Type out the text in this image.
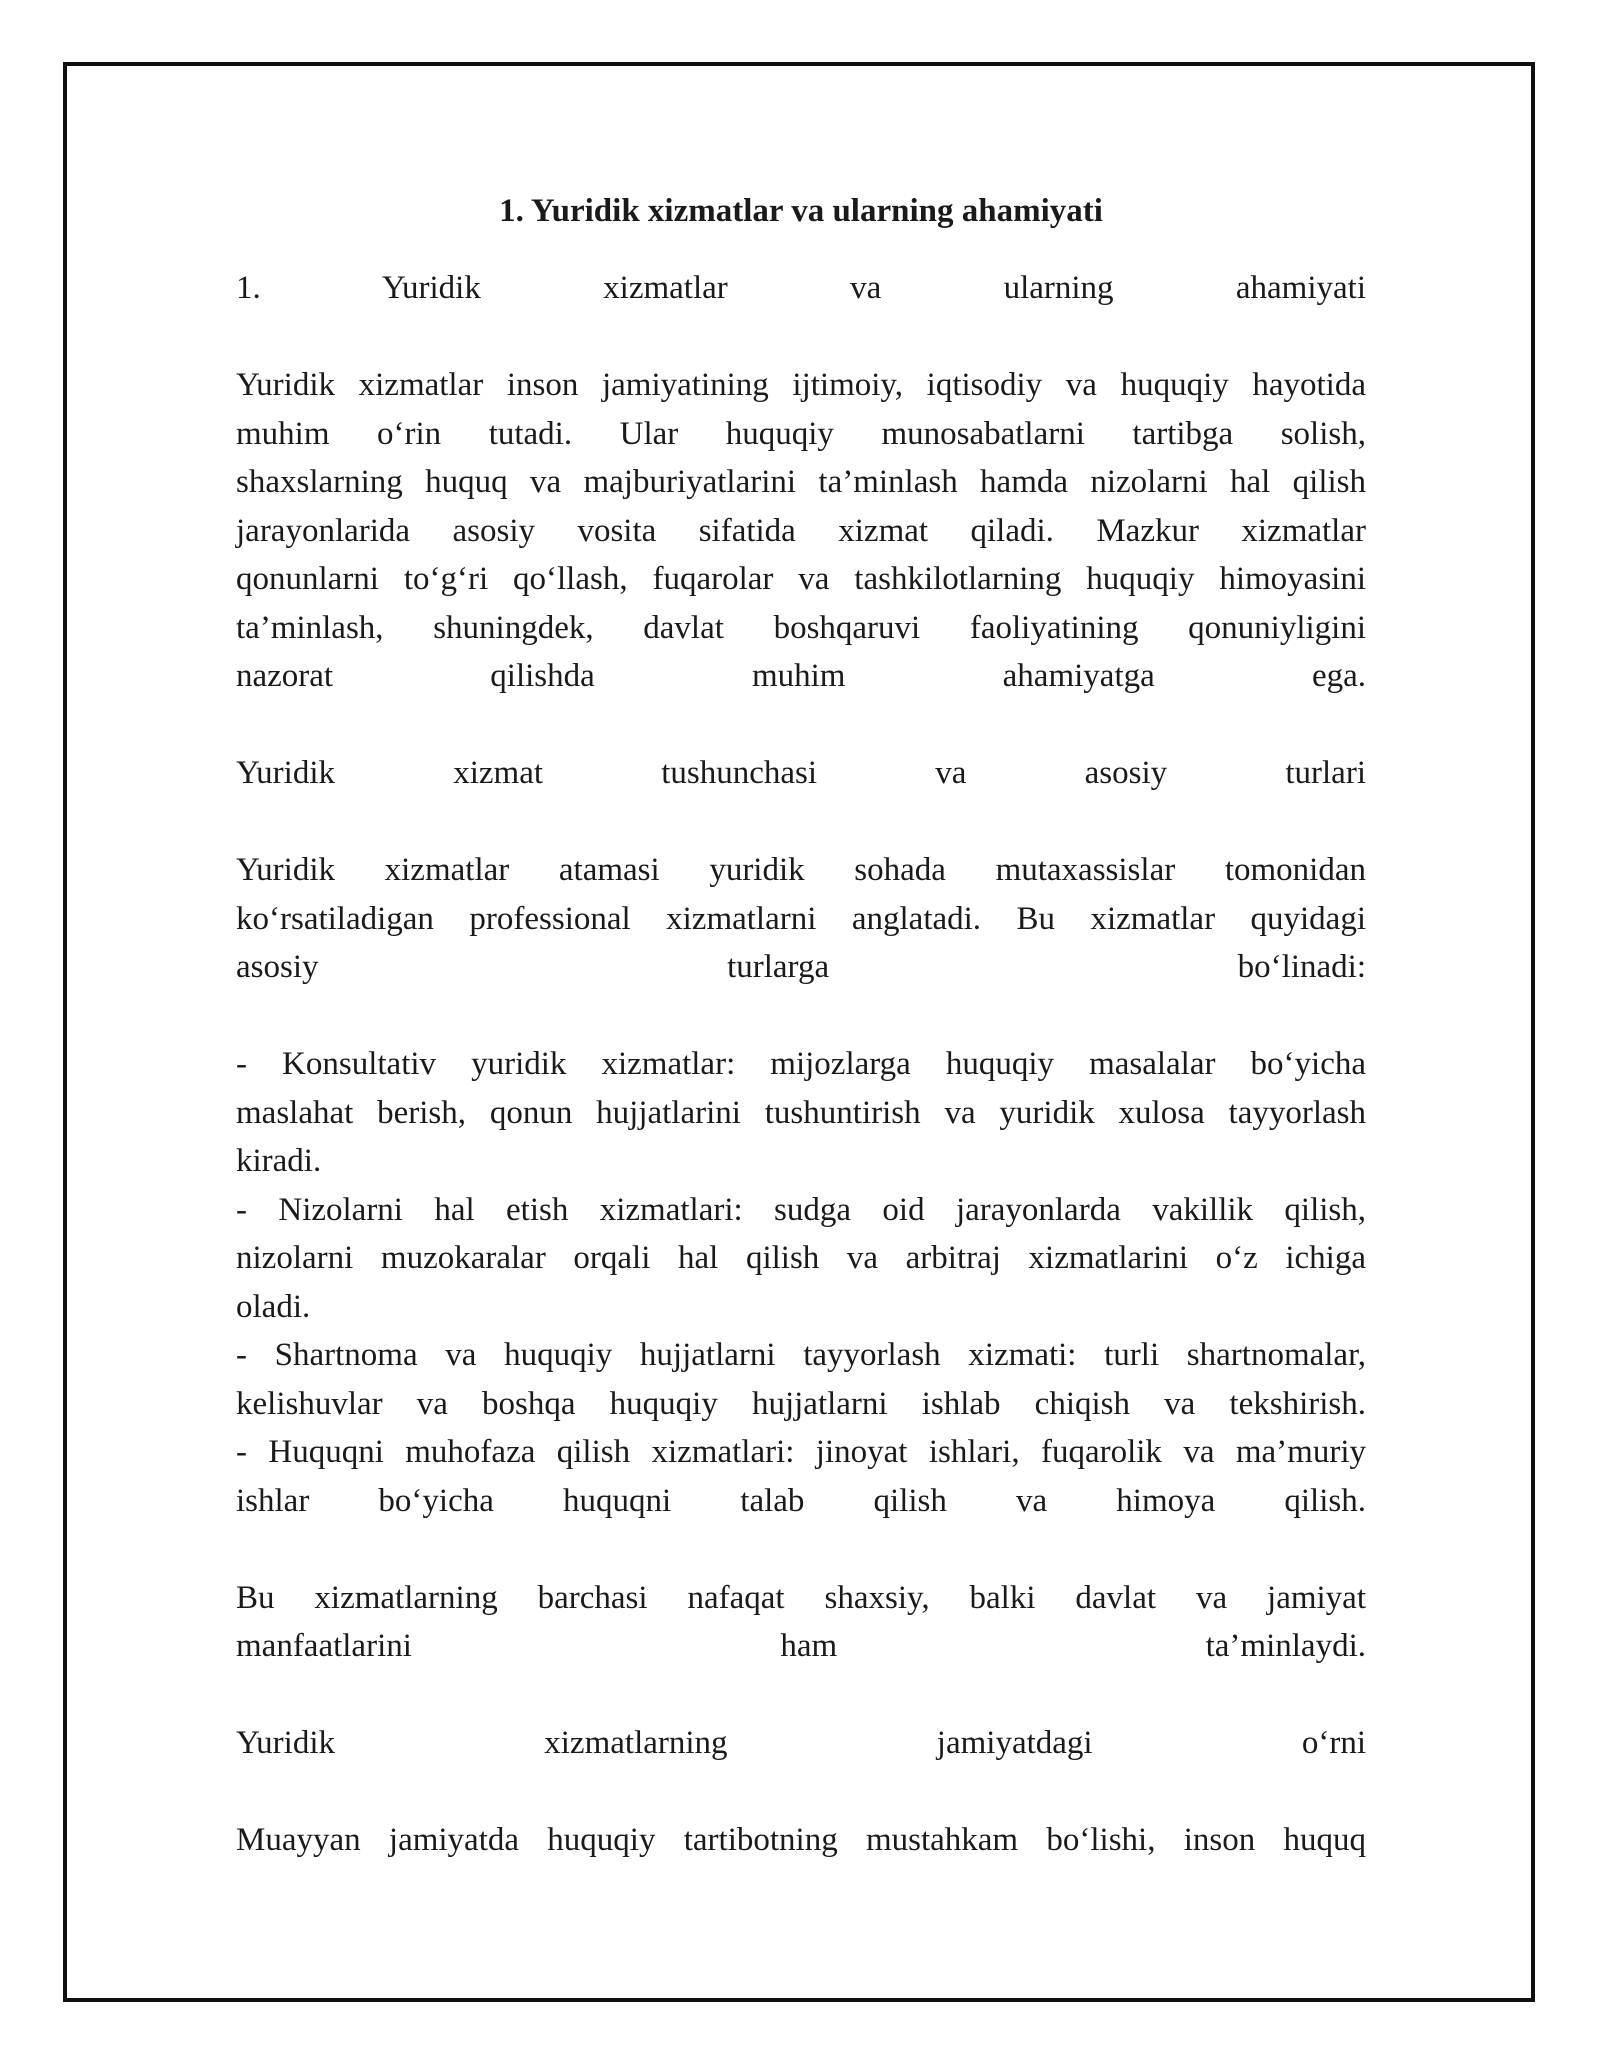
1. Yuridik xizmatlar va ularning ahamiyati
1. Yuridik xizmatlar va ularning ahamiyati
Yuridik xizmatlar inson jamiyatining ijtimoiy, iqtisodiy va huquqiy hayotida
muhim o‘rin tutadi. Ular huquqiy munosabatlarni tartibga solish,
shaxslarning huquq va majburiyatlarini ta’minlash hamda nizolarni hal qilish
jarayonlarida asosiy vosita sifatida xizmat qiladi. Mazkur xizmatlar
qonunlarni to‘g‘ri qo‘llash, fuqarolar va tashkilotlarning huquqiy himoyasini
ta’minlash, shuningdek, davlat boshqaruvi faoliyatining qonuniyligini
nazorat qilishda muhim ahamiyatga ega.
Yuridik xizmat tushunchasi va asosiy turlari
Yuridik xizmatlar atamasi yuridik sohada mutaxassislar tomonidan
ko‘rsatiladigan professional xizmatlarni anglatadi. Bu xizmatlar quyidagi
asosiy turlarga bo‘linadi:
- Konsultativ yuridik xizmatlar: mijozlarga huquqiy masalalar bo‘yicha
maslahat berish, qonun hujjatlarini tushuntirish va yuridik xulosa tayyorlash
kiradi.
- Nizolarni hal etish xizmatlari: sudga oid jarayonlarda vakillik qilish,
nizolarni muzokaralar orqali hal qilish va arbitraj xizmatlarini o‘z ichiga
oladi.
- Shartnoma va huquqiy hujjatlarni tayyorlash xizmati: turli shartnomalar,
kelishuvlar va boshqa huquqiy hujjatlarni ishlab chiqish va tekshirish.
- Huquqni muhofaza qilish xizmatlari: jinoyat ishlari, fuqarolik va ma’muriy
ishlar bo‘yicha huquqni talab qilish va himoya qilish.
Bu xizmatlarning barchasi nafaqat shaxsiy, balki davlat va jamiyat
manfaatlarini ham ta’minlaydi.
Yuridik xizmatlarning jamiyatdagi o‘rni
Muayyan jamiyatda huquqiy tartibotning mustahkam bo‘lishi, inson huquq
